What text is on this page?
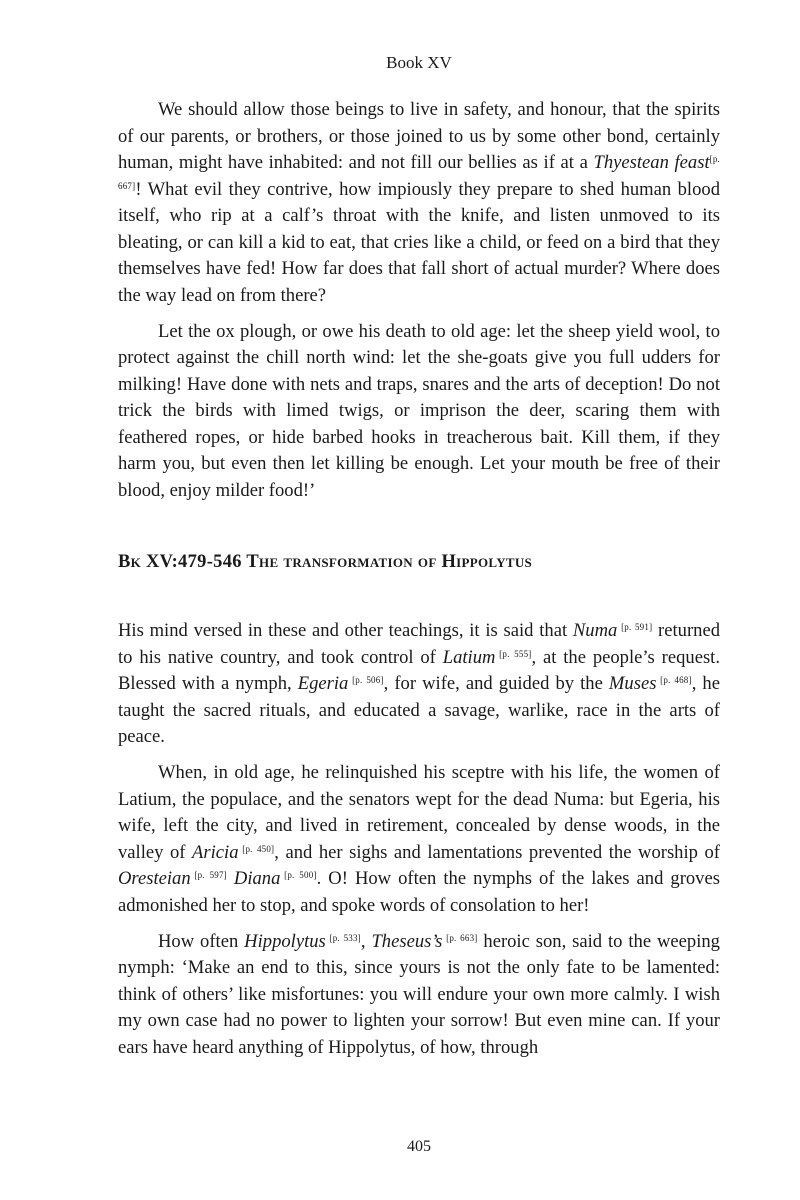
Book XV

We should allow those beings to live in safety, and honour, that the spirits of our parents, or brothers, or those joined to us by some other bond, certainly human, might have inhabited: and not fill our bellies as if at a Thyestean feast[p. 667]! What evil they contrive, how impiously they prepare to shed human blood itself, who rip at a calf’s throat with the knife, and listen unmoved to its bleating, or can kill a kid to eat, that cries like a child, or feed on a bird that they themselves have fed! How far does that fall short of actual murder? Where does the way lead on from there?

Let the ox plough, or owe his death to old age: let the sheep yield wool, to protect against the chill north wind: let the she-goats give you full udders for milking! Have done with nets and traps, snares and the arts of deception! Do not trick the birds with limed twigs, or imprison the deer, scaring them with feathered ropes, or hide barbed hooks in treacherous bait. Kill them, if they harm you, but even then let killing be enough. Let your mouth be free of their blood, enjoy milder food!’

Bk XV:479-546 The transformation of Hippolytus

His mind versed in these and other teachings, it is said that Numa  [p. 591] returned to his native country, and took control of Latium  [p. 555], at the people’s request. Blessed with a nymph, Egeria  [p. 506], for wife, and guided by the Muses  [p. 468], he taught the sacred rituals, and educated a savage, warlike, race in the arts of peace.

When, in old age, he relinquished his sceptre with his life, the women of Latium, the populace, and the senators wept for the dead Numa: but Egeria, his wife, left the city, and lived in retirement, concealed by dense woods, in the valley of Aricia  [p. 450], and her sighs and lamentations prevented the worship of Oresteian  [p. 597] Diana  [p. 500]. O! How often the nymphs of the lakes and groves admonished her to stop, and spoke words of consolation to her!

How often Hippolytus  [p. 533], Theseus’s  [p. 663] heroic son, said to the weeping nymph: ‘Make an end to this, since yours is not the only fate to be lamented: think of others’ like misfortunes: you will endure your own more calmly. I wish my own case had no power to lighten your sorrow! But even mine can. If your ears have heard anything of Hippolytus, of how, through

405
